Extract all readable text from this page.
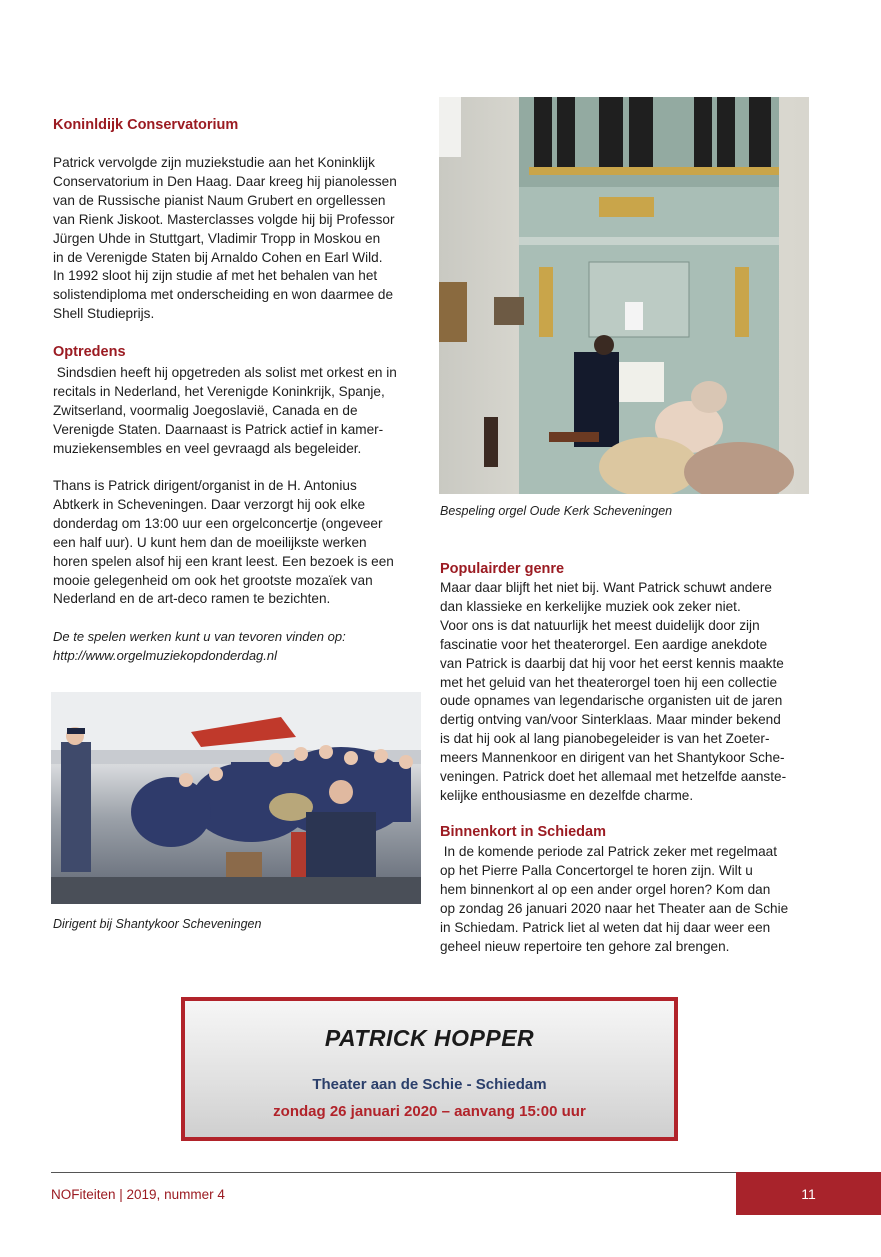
Koninldijk Conservatorium
Patrick vervolgde zijn muziekstudie aan het Koninklijk
Conservatorium in Den Haag. Daar kreeg hij pianolessen
van de Russische pianist Naum Grubert en orgellessen
van Rienk Jiskoot. Masterclasses volgde hij bij Professor
Jürgen Uhde in Stuttgart, Vladimir Tropp in Moskou en
in de Verenigde Staten bij Arnaldo Cohen en Earl Wild.
In 1992 sloot hij zijn studie af met het behalen van het
solistendiploma met onderscheiding en won daarmee de
Shell Studieprijs.
Optredens
Sindsdien heeft hij opgetreden als solist met orkest en in
recitals in Nederland, het Verenigde Koninkrijk, Spanje,
Zwitserland, voormalig Joegoslavië, Canada en de
Verenigde Staten. Daarnaast is Patrick actief in kamer-
muziekensembles en veel gevraagd als begeleider.
Thans is Patrick dirigent/organist in de H. Antonius
Abtkerk in Scheveningen. Daar verzorgt hij ook elke
donderdag om 13:00 uur een orgelconcertje (ongeveer
een half uur). U kunt hem dan de moeilijkste werken
horen spelen alsof hij een krant leest. Een bezoek is een
mooie gelegenheid om ook het grootste mozaïek van
Nederland en de art-deco ramen te bezichten.
De te spelen werken kunt u van tevoren vinden op:
http://www.orgelmuziekopdonderdag.nl

Dirigent bij Shantykoor Scheveningen

Bespeling orgel Oude Kerk Scheveningen

Populairder genre
Maar daar blijft het niet bij. Want Patrick schuwt andere
dan klassieke en kerkelijke muziek ook zeker niet.
Voor ons is dat natuurlijk het meest duidelijk door zijn
fascinatie voor het theaterorgel. Een aardige anekdote
van Patrick is daarbij dat hij voor het eerst kennis maakte
met het geluid van het theaterorgel toen hij een collectie
oude opnames van legendarische organisten uit de jaren
dertig ontving van/voor Sinterklaas. Maar minder bekend
is dat hij ook al lang pianobegeleider is van het Zoeter-
meers Mannenkoor en dirigent van het Shantykoor Sche-
veningen. Patrick doet het allemaal met hetzelfde aanste-
kelijke enthousiasme en dezelfde charme.
Binnenkort in Schiedam
In de komende periode zal Patrick zeker met regelmaat
op het Pierre Palla Concertorgel te horen zijn. Wilt u
hem binnenkort al op een ander orgel horen? Kom dan
op zondag 26 januari 2020 naar het Theater aan de Schie
in Schiedam. Patrick liet al weten dat hij daar weer een
geheel nieuw repertoire ten gehore zal brengen.
PATRICK HOPPER
Theater aan de Schie - Schiedam
zondag 26 januari 2020 – aanvang 15:00 uur

NOFiteiten | 2019, nummer 4	11
